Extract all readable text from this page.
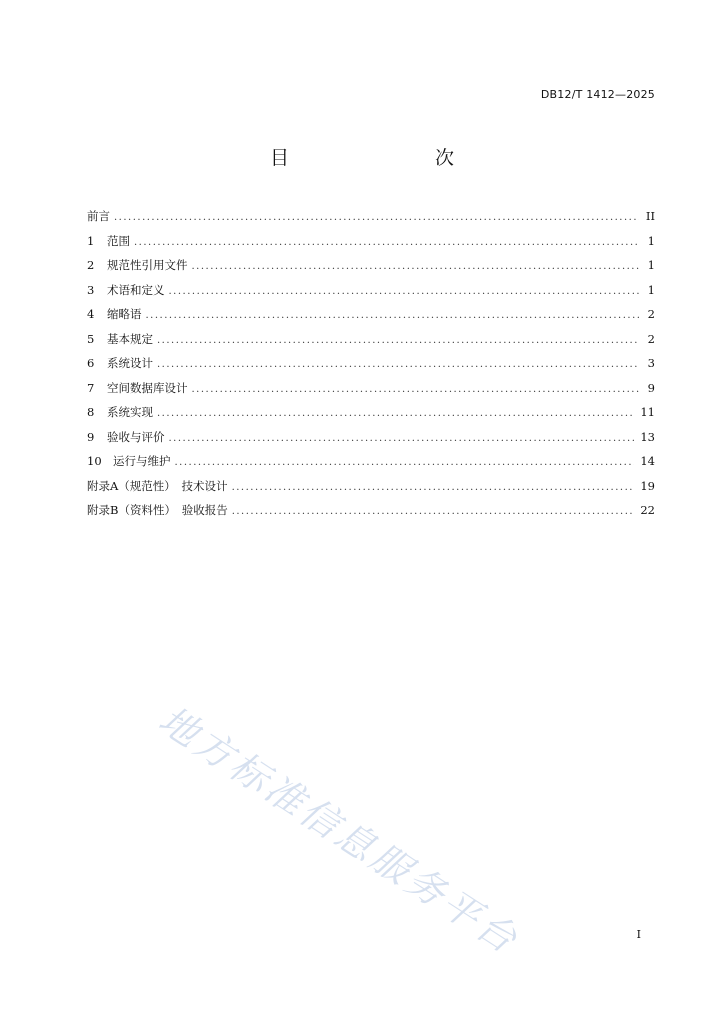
DB12/T 1412—2025
目　　次
前言 .....	II
1 范围 .....	1
2 规范性引用文件 .....	1
3 术语和定义 .....	1
4 缩略语 .....	2
5 基本规定 .....	2
6 系统设计 .....	3
7 空间数据库设计 .....	9
8 系统实现 .....	11
9 验收与评价 .....	13
10 运行与维护 .....	14
附录A（规范性）　技术设计 .....	19
附录B（资料性）　验收报告 .....	22
地方标准信息服务平台	I
